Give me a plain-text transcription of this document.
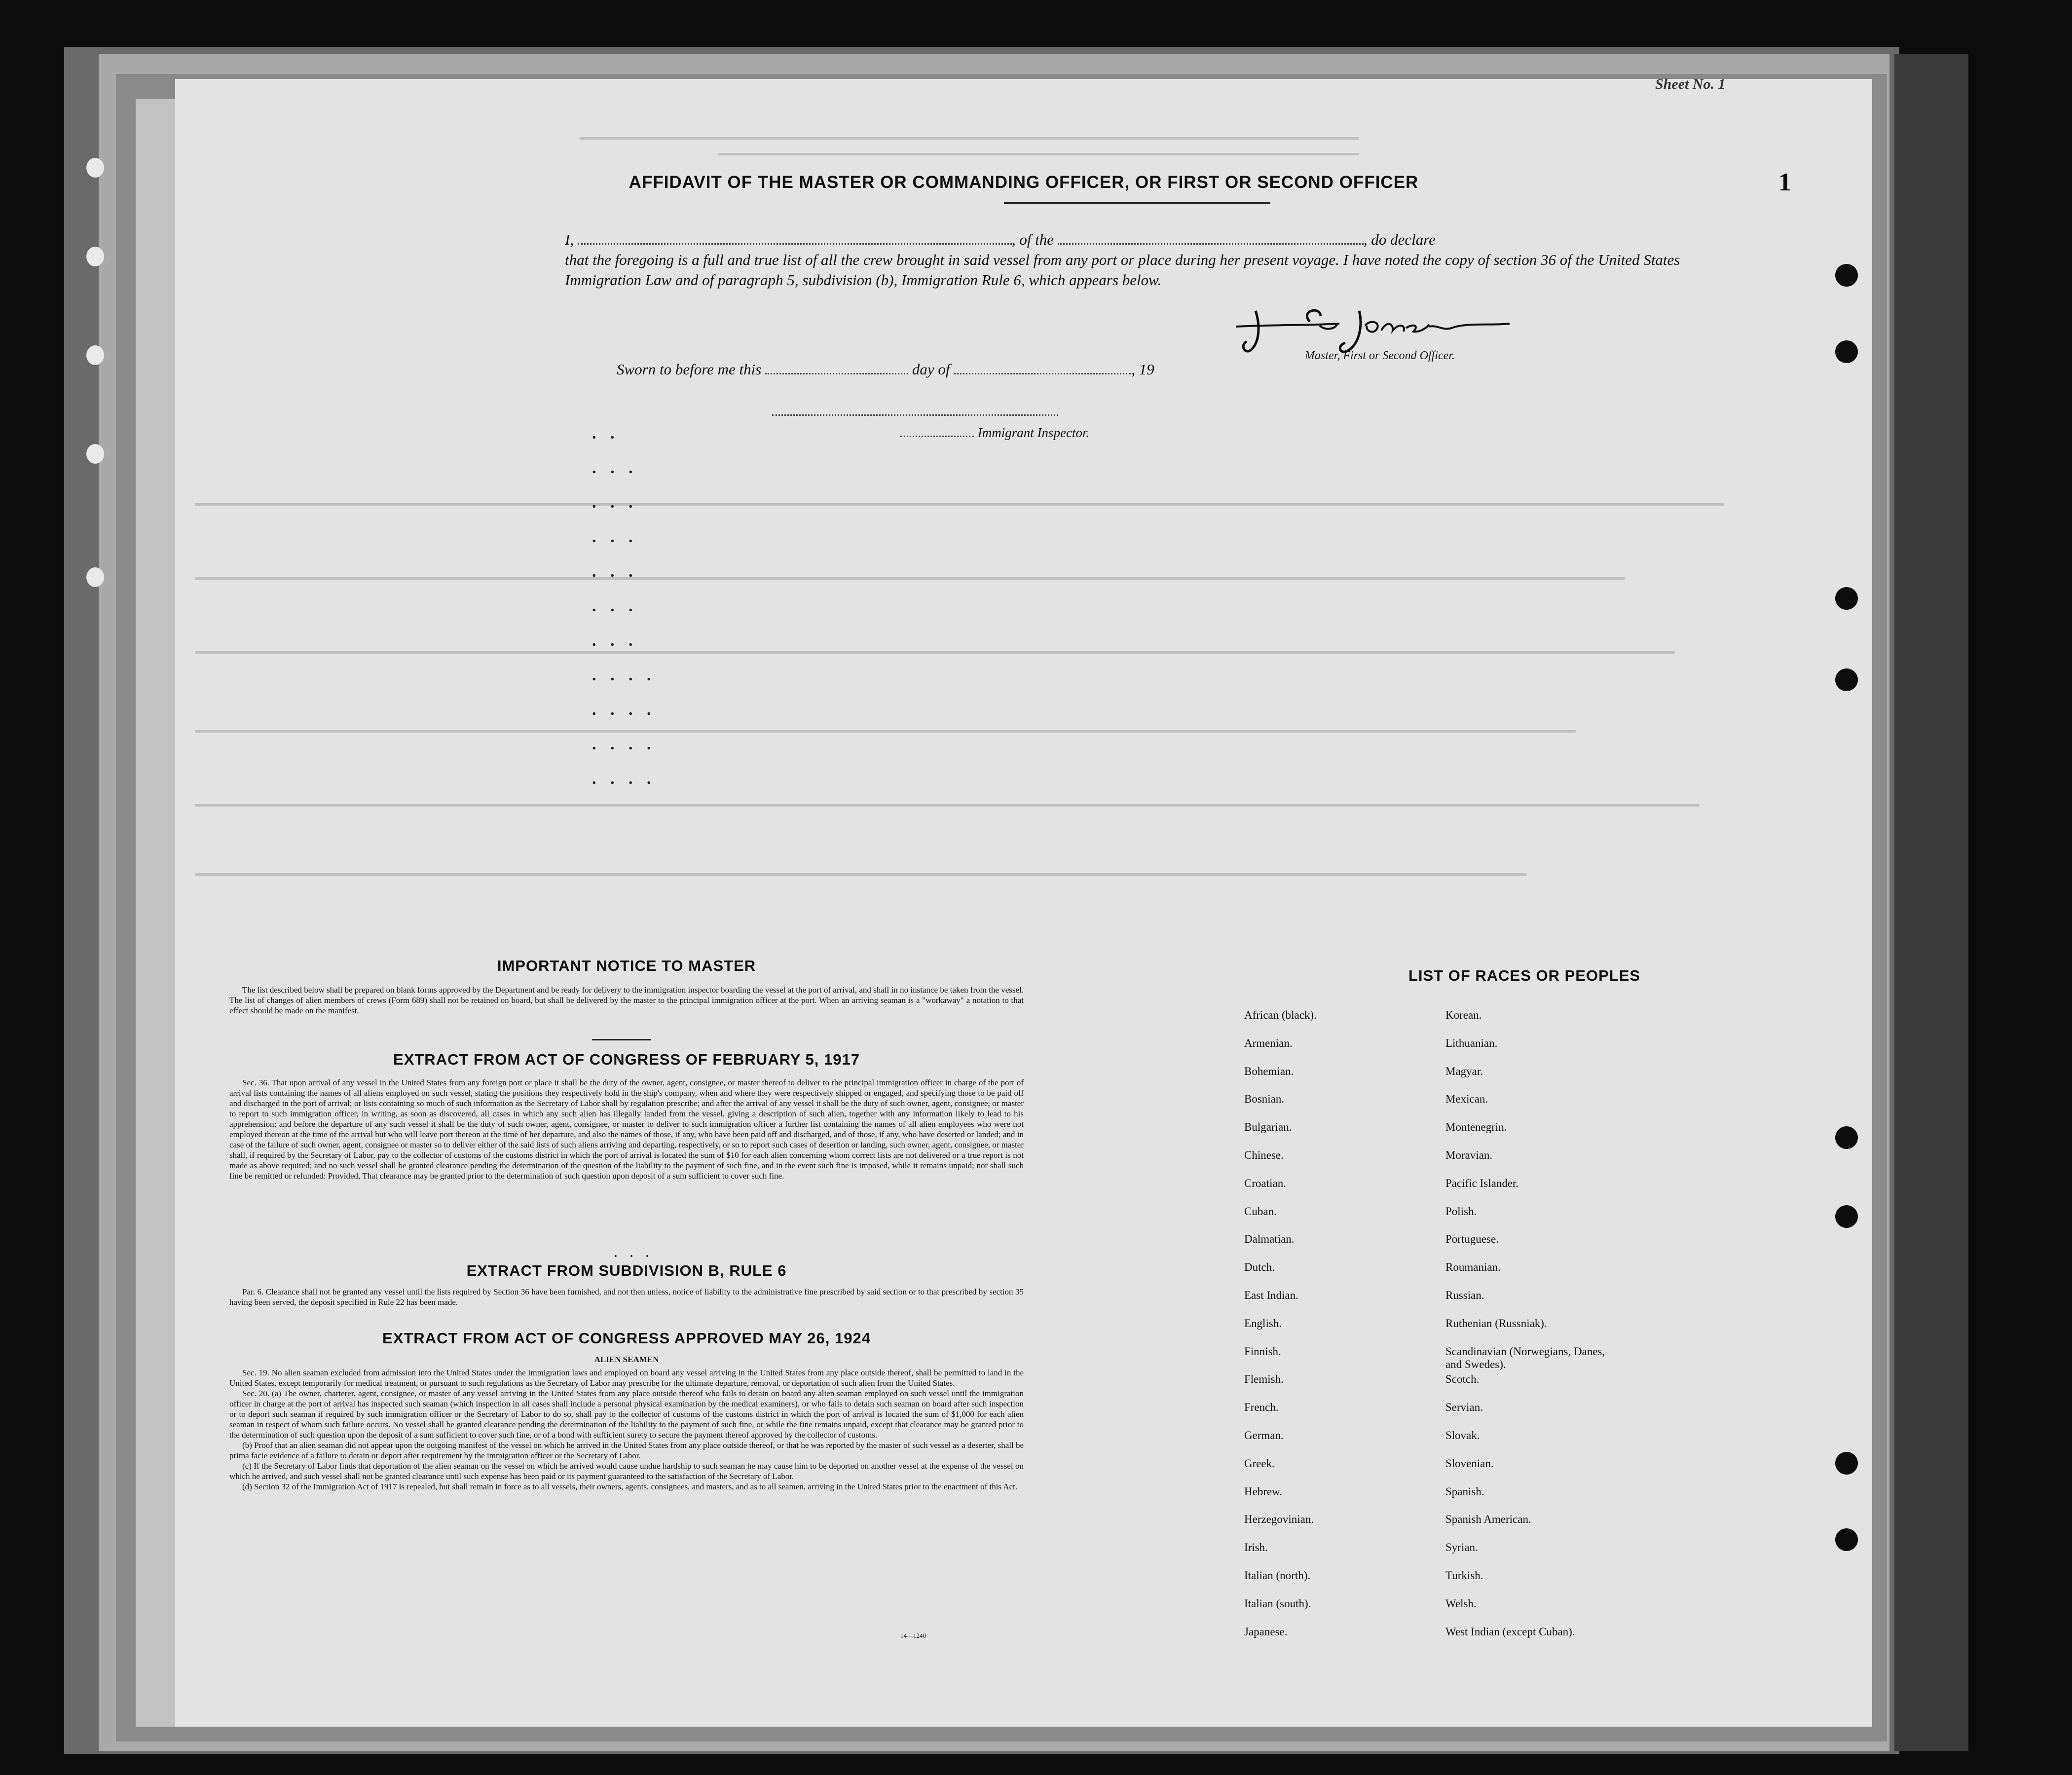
Sheet No. 1
1
AFFIDAVIT OF THE MASTER OR COMMANDING OFFICER, OR FIRST OR SECOND OFFICER
I,	, of the	, do declare
that the foregoing is a full and true list of all the crew brought in said vessel from any port or place during her present voyage. I have noted the copy of section 36 of the United States Immigration Law and of paragraph 5, subdivision (b), Immigration Rule 6, which appears below.
Master, First or Second Officer.
Sworn to before me this	day of	, 19
Immigrant Inspector.
. .
. . .
. . .
. . .
. . .
. . .
. . .
. . . .
. . . .
. . . .
. . . .
IMPORTANT NOTICE TO MASTER

The list described below shall be prepared on blank forms approved by the Department and be ready for delivery to the immigration inspector boarding the vessel at the port of arrival, and shall in no instance be taken from the vessel. The list of changes of alien members of crews (Form 689) shall not be retained on board, but shall be delivered by the master to the principal immigration officer at the port. When an arriving seaman is a "workaway" a notation to that effect should be made on the manifest.

EXTRACT FROM ACT OF CONGRESS OF FEBRUARY 5, 1917

Sec. 36. That upon arrival of any vessel in the United States from any foreign port or place it shall be the duty of the owner, agent, consignee, or master thereof to deliver to the principal immigration officer in charge of the port of arrival lists containing the names of all aliens employed on such vessel, stating the positions they respectively hold in the ship's company, when and where they were respectively shipped or engaged, and specifying those to be paid off and discharged in the port of arrival; or lists containing so much of such information as the Secretary of Labor shall by regulation prescribe; and after the arrival of any vessel it shall be the duty of such owner, agent, consignee, or master to report to such immigration officer, in writing, as soon as discovered, all cases in which any such alien has illegally landed from the vessel, giving a description of such alien, together with any information likely to lead to his apprehension; and before the departure of any such vessel it shall be the duty of such owner, agent, consignee, or master to deliver to such immigration officer a further list containing the names of all alien employees who were not employed thereon at the time of the arrival but who will leave port thereon at the time of her departure, and also the names of those, if any, who have been paid off and discharged, and of those, if any, who have deserted or landed; and in case of the failure of such owner, agent, consignee or master so to deliver either of the said lists of such aliens arriving and departing, respectively, or so to report such cases of desertion or landing, such owner, agent, consignee, or master shall, if required by the Secretary of Labor, pay to the collector of customs of the customs district in which the port of arrival is located the sum of $10 for each alien concerning whom correct lists are not delivered or a true report is not made as above required; and no such vessel shall be granted clearance pending the determination of the question of the liability to the payment of such fine, and in the event such fine is imposed, while it remains unpaid; nor shall such fine be remitted or refunded: Provided, That clearance may be granted prior to the determination of such question upon deposit of a sum sufficient to cover such fine.

. . .
EXTRACT FROM SUBDIVISION B, RULE 6

Par. 6. Clearance shall not be granted any vessel until the lists required by Section 36 have been furnished, and not then unless, notice of liability to the administrative fine prescribed by said section or to that prescribed by section 35 having been served, the deposit specified in Rule 22 has been made.

EXTRACT FROM ACT OF CONGRESS APPROVED MAY 26, 1924
ALIEN SEAMEN

Sec. 19. No alien seaman excluded from admission into the United States under the immigration laws and employed on board any vessel arriving in the United States from any place outside thereof, shall be permitted to land in the United States, except temporarily for medical treatment, or pursuant to such regulations as the Secretary of Labor may prescribe for the ultimate departure, removal, or deportation of such alien from the United States.

Sec. 20. (a) The owner, charterer, agent, consignee, or master of any vessel arriving in the United States from any place outside thereof who fails to detain on board any alien seaman employed on such vessel until the immigration officer in charge at the port of arrival has inspected such seaman (which inspection in all cases shall include a personal physical examination by the medical examiners), or who fails to detain such seaman on board after such inspection or to deport such seaman if required by such immigration officer or the Secretary of Labor to do so, shall pay to the collector of customs of the customs district in which the port of arrival is located the sum of $1,000 for each alien seaman in respect of whom such failure occurs. No vessel shall be granted clearance pending the determination of the liability to the payment of such fine, or while the fine remains unpaid, except that clearance may be granted prior to the determination of such question upon the deposit of a sum sufficient to cover such fine, or of a bond with sufficient surety to secure the payment thereof approved by the collector of customs.

(b) Proof that an alien seaman did not appear upon the outgoing manifest of the vessel on which he arrived in the United States from any place outside thereof, or that he was reported by the master of such vessel as a deserter, shall be prima facie evidence of a failure to detain or deport after requirement by the immigration officer or the Secretary of Labor.

(c) If the Secretary of Labor finds that deportation of the alien seaman on the vessel on which he arrived would cause undue hardship to such seaman he may cause him to be deported on another vessel at the expense of the vessel on which he arrived, and such vessel shall not be granted clearance until such expense has been paid or its payment guaranteed to the satisfaction of the Secretary of Labor.

(d) Section 32 of the Immigration Act of 1917 is repealed, but shall remain in force as to all vessels, their owners, agents, consignees, and masters, and as to all seamen, arriving in the United States prior to the enactment of this Act.

14—1240
LIST OF RACES OR PEOPLES
African (black).
Armenian.
Bohemian.
Bosnian.
Bulgarian.
Chinese.
Croatian.
Cuban.
Dalmatian.
Dutch.
East Indian.
English.
Finnish.
Flemish.
French.
German.
Greek.
Hebrew.
Herzegovinian.
Irish.
Italian (north).
Italian (south).
Japanese.
Korean.
Lithuanian.
Magyar.
Mexican.
Montenegrin.
Moravian.
Pacific Islander.
Polish.
Portuguese.
Roumanian.
Russian.
Ruthenian (Russniak).
Scandinavian (Norwegians, Danes, and Swedes).
Scotch.
Servian.
Slovak.
Slovenian.
Spanish.
Spanish American.
Syrian.
Turkish.
Welsh.
West Indian (except Cuban).
